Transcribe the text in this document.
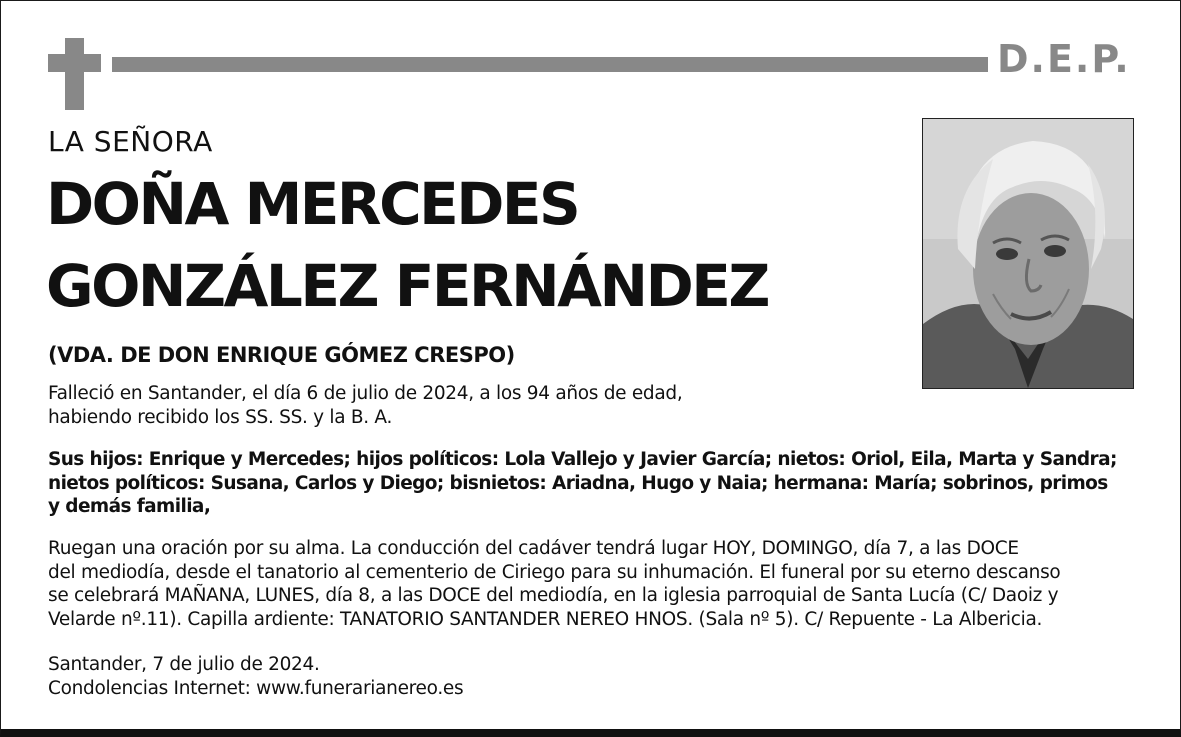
D.E.P.
LA SEÑORA
DOÑA MERCEDES
GONZÁLEZ FERNÁNDEZ
(VDA. DE DON ENRIQUE GÓMEZ CRESPO)
Falleció en Santander, el día 6 de julio de 2024, a los 94 años de edad,
habiendo recibido los SS. SS. y la B. A.
Sus hijos: Enrique y Mercedes; hijos políticos: Lola Vallejo y Javier García; nietos: Oriol, Eila, Marta y Sandra;
nietos políticos: Susana, Carlos y Diego; bisnietos: Ariadna, Hugo y Naia; hermana: María; sobrinos, primos
y demás familia,
Ruegan una oración por su alma. La conducción del cadáver tendrá lugar HOY, DOMINGO, día 7, a las DOCE
del mediodía, desde el tanatorio al cementerio de Ciriego para su inhumación. El funeral por su eterno descanso
se celebrará MAÑANA, LUNES, día 8, a las DOCE del mediodía, en la iglesia parroquial de Santa Lucía (C/ Daoiz y
Velarde nº.11). Capilla ardiente: TANATORIO SANTANDER NEREO HNOS. (Sala nº 5). C/ Repuente - La Albericia.
Santander, 7 de julio de 2024.
Condolencias Internet: www.funerarianereo.es
